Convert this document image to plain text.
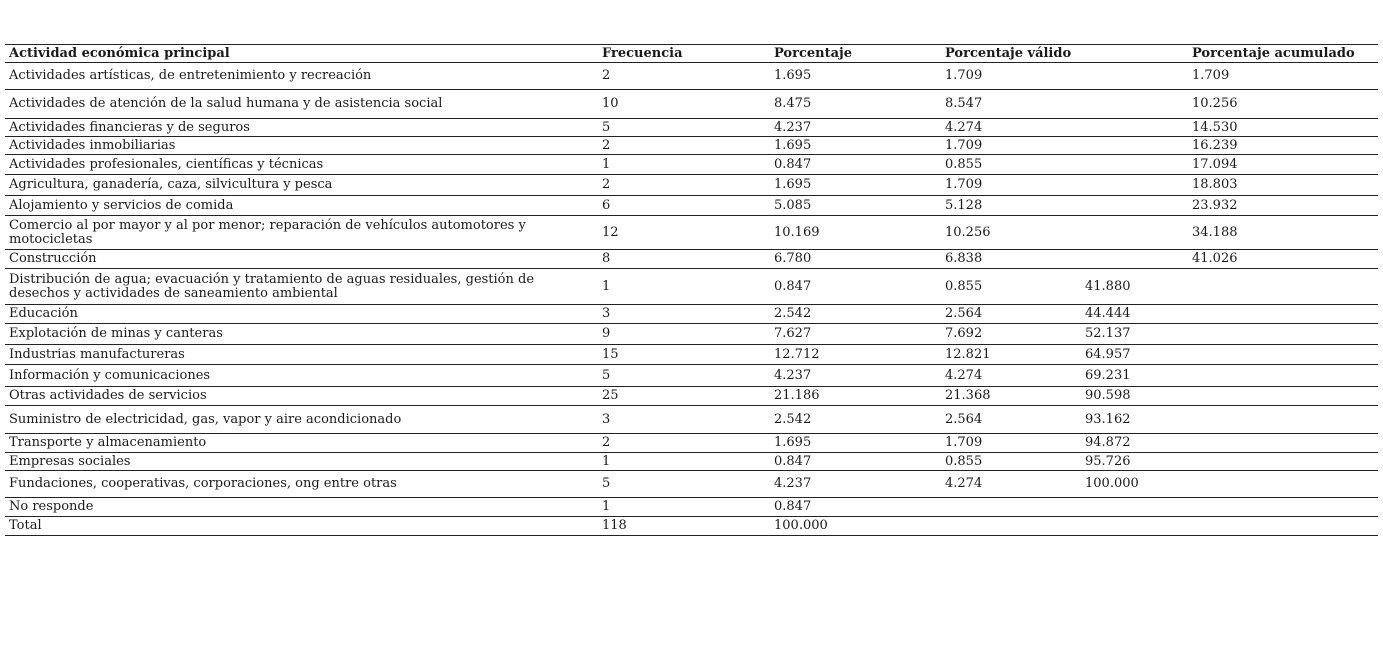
Actividad económica principal	Frecuencia	Porcentaje	Porcentaje válido	Porcentaje acumulado
Actividades artísticas, de entretenimiento y recreación	2	1.695	1.709	1.709
Actividades de atención de la salud humana y de asistencia social	10	8.475	8.547	10.256
Actividades financieras y de seguros	5	4.237	4.274	14.530
Actividades inmobiliarias	2	1.695	1.709	16.239
Actividades profesionales, científicas y técnicas	1	0.847	0.855	17.094
Agricultura, ganadería, caza, silvicultura y pesca	2	1.695	1.709	18.803
Alojamiento y servicios de comida	6	5.085	5.128	23.932
Comercio al por mayor y al por menor; reparación de vehículos automotores y motocicletas	12	10.169	10.256	34.188
Construcción	8	6.780	6.838	41.026
Distribución de agua; evacuación y tratamiento de aguas residuales, gestión de desechos y actividades de saneamiento ambiental	1	0.847	0.855	41.880
Educación	3	2.542	2.564	44.444
Explotación de minas y canteras	9	7.627	7.692	52.137
Industrias manufactureras	15	12.712	12.821	64.957
Información y comunicaciones	5	4.237	4.274	69.231
Otras actividades de servicios	25	21.186	21.368	90.598
Suministro de electricidad, gas, vapor y aire acondicionado	3	2.542	2.564	93.162
Transporte y almacenamiento	2	1.695	1.709	94.872
Empresas sociales	1	0.847	0.855	95.726
Fundaciones, cooperativas, corporaciones, ong entre otras	5	4.237	4.274	100.000
No responde	1	0.847
Total	118	100.000
